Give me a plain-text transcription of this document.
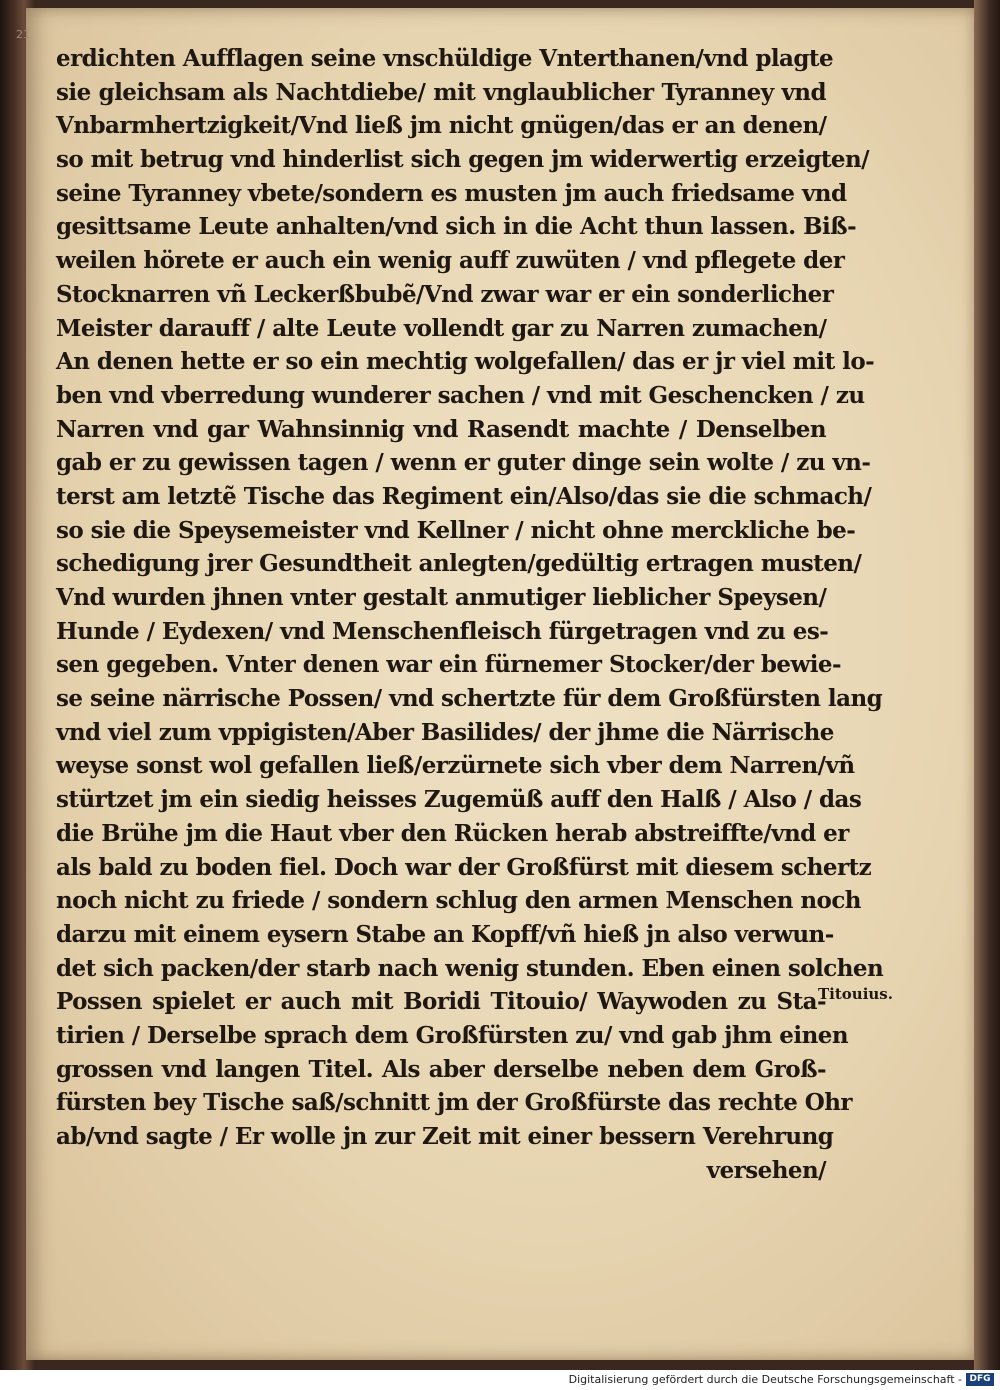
21
erdichten Aufflagen seine vnschüldige Vnterthanen/vnd plagte
sie gleichsam als Nachtdiebe/ mit vnglaublicher Tyranney vnd
Vnbarmhertzigkeit/Vnd ließ jm nicht gnügen/das er an denen/
so mit betrug vnd hinderlist sich gegen jm widerwertig erzeigten/
seine Tyranney vbete/sondern es musten jm auch friedsame vnd
gesittsame Leute anhalten/vnd sich in die Acht thun lassen. Biß-
weilen hörete er auch ein wenig auff zuwüten / vnd pflegete der
Stocknarren vñ Leckerßbubẽ/Vnd zwar war er ein sonderlicher
Meister darauff / alte Leute vollendt gar zu Narren zumachen/
An denen hette er so ein mechtig wolgefallen/ das er jr viel mit lo-
ben vnd vberredung wunderer sachen / vnd mit Geschencken / zu
Narren vnd gar Wahnsinnig vnd Rasendt machte / Denselben
gab er zu gewissen tagen / wenn er guter dinge sein wolte / zu vn-
terst am letztẽ Tische das Regiment ein/Also/das sie die schmach/
so sie die Speysemeister vnd Kellner / nicht ohne merckliche be-
schedigung jrer Gesundtheit anlegten/gedültig ertragen musten/
Vnd wurden jhnen vnter gestalt anmutiger lieblicher Speysen/
Hunde / Eydexen/ vnd Menschenfleisch fürgetragen vnd zu es-
sen gegeben. Vnter denen war ein fürnemer Stocker/der bewie-
se seine närrische Possen/ vnd schertzte für dem Großfürsten lang
vnd viel zum vppigisten/Aber Basilides/ der jhme die Närrische
weyse sonst wol gefallen ließ/erzürnete sich vber dem Narren/vñ
stürtzet jm ein siedig heisses Zugemüß auff den Halß / Also / das
die Brühe jm die Haut vber den Rücken herab abstreiffte/vnd er
als bald zu boden fiel. Doch war der Großfürst mit diesem schertz
noch nicht zu friede / sondern schlug den armen Menschen noch
darzu mit einem eysern Stabe an Kopff/vñ hieß jn also verwun-
det sich packen/der starb nach wenig stunden. Eben einen solchen
Possen spielet er auch mit Boridi Titouio/ Waywoden zu Sta-
tirien / Derselbe sprach dem Großfürsten zu/ vnd gab jhm einen
grossen vnd langen Titel. Als aber derselbe neben dem Groß-
fürsten bey Tische saß/schnitt jm der Großfürste das rechte Ohr
ab/vnd sagte / Er wolle jn zur Zeit mit einer bessern Verehrung
versehen/
Titouius.
Digitalisierung gefördert durch die Deutsche Forschungsgemeinschaft - DFG
